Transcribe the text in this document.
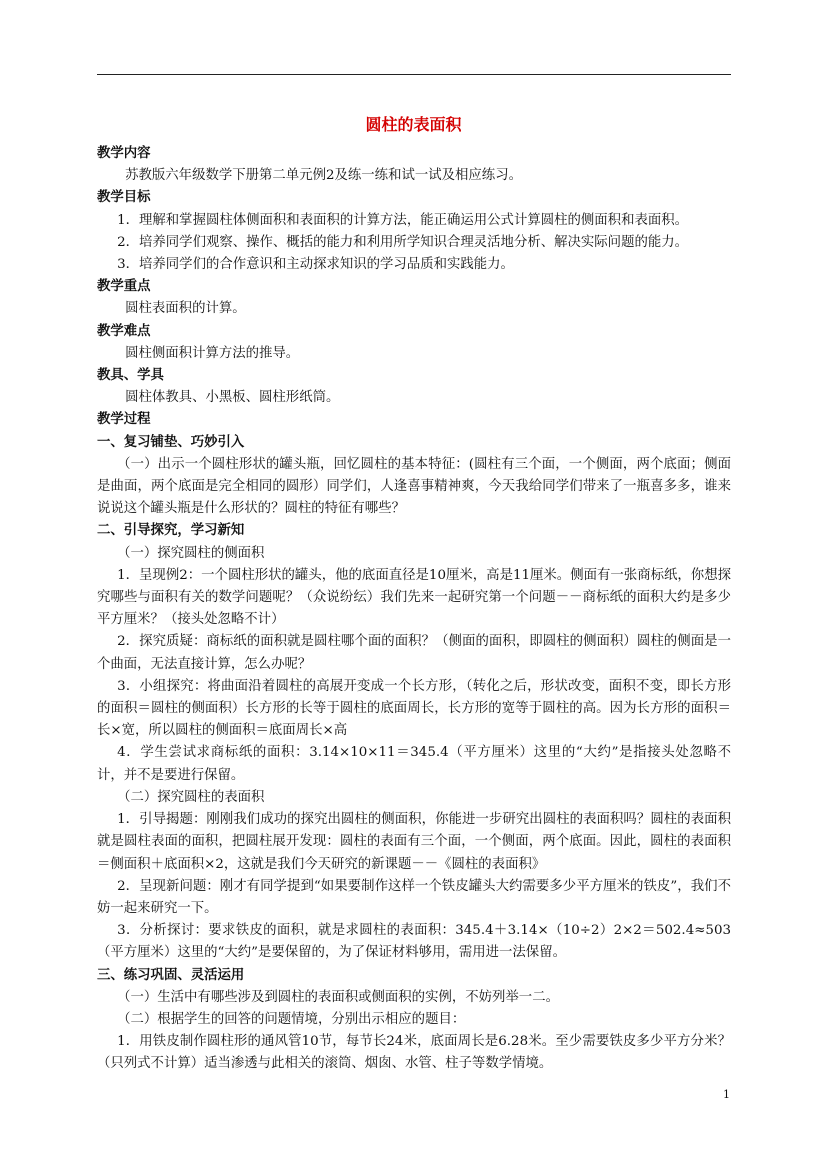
圆柱的表面积

教学内容

苏教版六年级数学下册第二单元例2及练一练和试一试及相应练习。

教学目标

1．理解和掌握圆柱体侧面积和表面积的计算方法，能正确运用公式计算圆柱的侧面积和表面积。

2．培养同学们观察、操作、概括的能力和利用所学知识合理灵活地分析、解决实际问题的能力。

3．培养同学们的合作意识和主动探求知识的学习品质和实践能力。

教学重点

圆柱表面积的计算。

教学难点

圆柱侧面积计算方法的推导。

教具、学具

圆柱体教具、小黑板、圆柱形纸筒。

教学过程

一、复习铺垫、巧妙引入

（一）出示一个圆柱形状的罐头瓶，回忆圆柱的基本特征：(圆柱有三个面，一个侧面，两个底面；侧面是曲面，两个底面是完全相同的圆形）同学们，人逢喜事精神爽，今天我给同学们带来了一瓶喜多多，谁来说说这个罐头瓶是什么形状的？圆柱的特征有哪些？

二、引导探究，学习新知

（一）探究圆柱的侧面积

1．呈现例2：一个圆柱形状的罐头，他的底面直径是10厘米，高是11厘米。侧面有一张商标纸，你想探究哪些与面积有关的数学问题呢？（众说纷纭）我们先来一起研究第一个问题－－商标纸的面积大约是多少平方厘米？（接头处忽略不计）

2．探究质疑：商标纸的面积就是圆柱哪个面的面积？（侧面的面积，即圆柱的侧面积）圆柱的侧面是一个曲面，无法直接计算，怎么办呢？

3．小组探究：将曲面沿着圆柱的高展开变成一个长方形，（转化之后，形状改变，面积不变，即长方形的面积＝圆柱的侧面积）长方形的长等于圆柱的底面周长，长方形的宽等于圆柱的高。因为长方形的面积＝长×宽，所以圆柱的侧面积＝底面周长×高

4．学生尝试求商标纸的面积：3.14×10×11＝345.4（平方厘米）这里的“大约”是指接头处忽略不计，并不是要进行保留。

（二）探究圆柱的表面积

1．引导揭题：刚刚我们成功的探究出圆柱的侧面积，你能进一步研究出圆柱的表面积吗？圆柱的表面积就是圆柱表面的面积，把圆柱展开发现：圆柱的表面有三个面，一个侧面，两个底面。因此，圆柱的表面积＝侧面积＋底面积×2，这就是我们今天研究的新课题－－《圆柱的表面积》

2．呈现新问题：刚才有同学提到“如果要制作这样一个铁皮罐头大约需要多少平方厘米的铁皮”，我们不妨一起来研究一下。

3．分析探讨：要求铁皮的面积，就是求圆柱的表面积：345.4＋3.14×（10÷2）2×2＝502.4≈503（平方厘米）这里的“大约”是要保留的，为了保证材料够用，需用进一法保留。

三、练习巩固、灵活运用

（一）生活中有哪些涉及到圆柱的表面积或侧面积的实例，不妨列举一二。

（二）根据学生的回答的问题情境，分别出示相应的题目：

1．用铁皮制作圆柱形的通风管10节，每节长24米，底面周长是6.28米。至少需要铁皮多少平方分米？（只列式不计算）适当渗透与此相关的滚筒、烟囱、水管、柱子等数学情境。

1
